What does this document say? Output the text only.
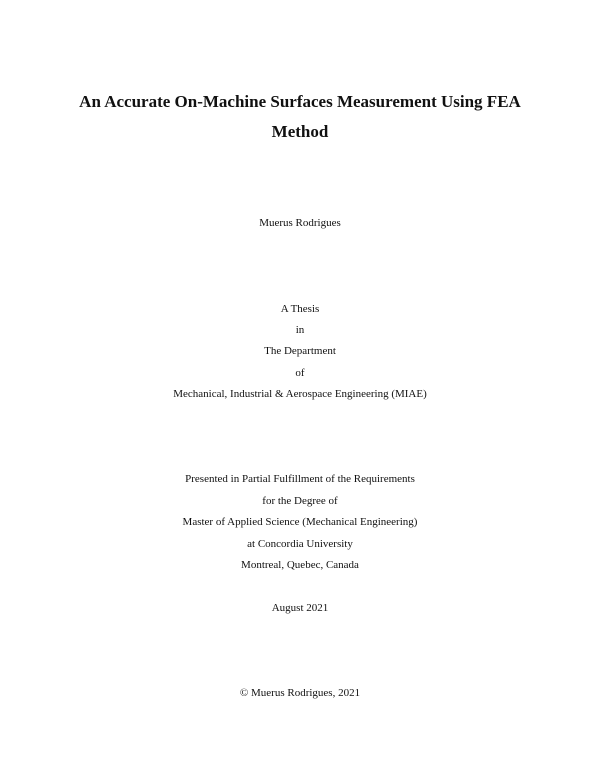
An Accurate On-Machine Surfaces Measurement Using FEA
Method
Muerus Rodrigues
A Thesis
in
The Department
of
Mechanical, Industrial & Aerospace Engineering (MIAE)
Presented in Partial Fulfillment of the Requirements
for the Degree of
Master of Applied Science (Mechanical Engineering)
at Concordia University
Montreal, Quebec, Canada
August 2021
© Muerus Rodrigues, 2021
